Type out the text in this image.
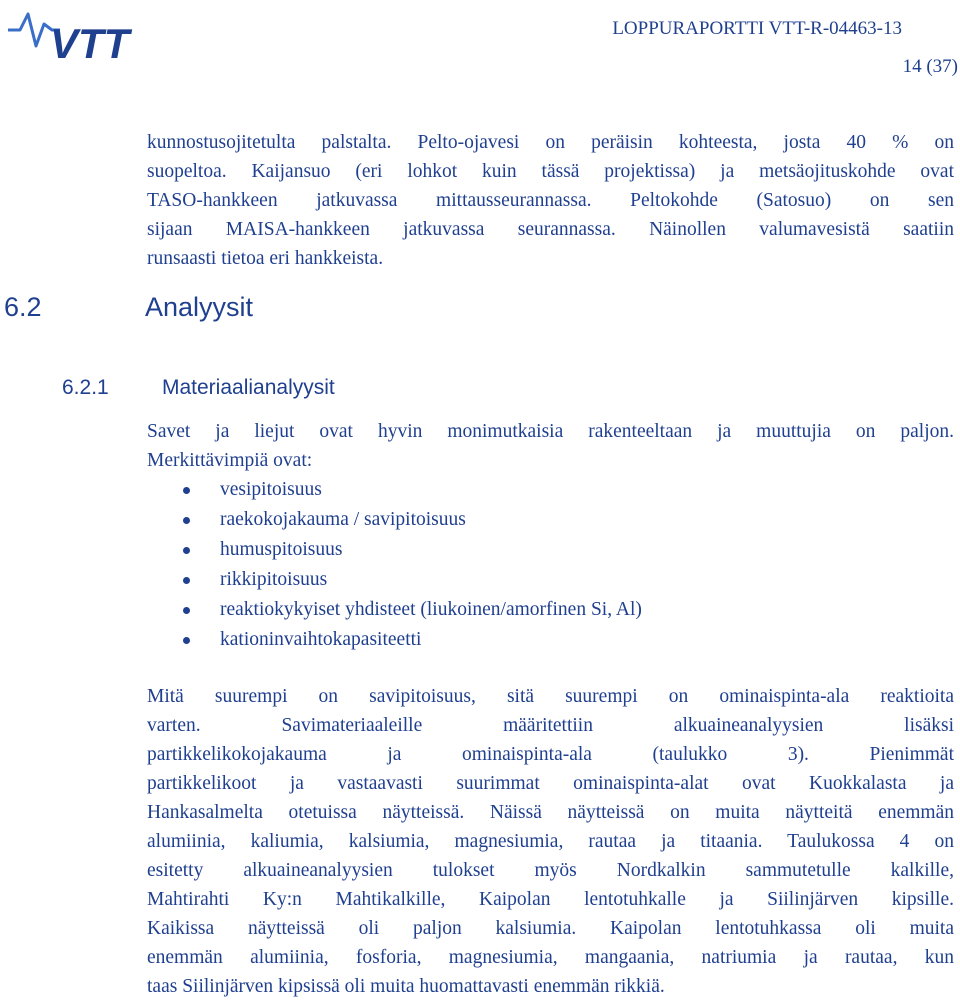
VTT	LOPPURAPORTTI VTT-R-04463-13
14 (37)
kunnostusojitetulta palstalta. Pelto-ojavesi on peräisin kohteesta, josta 40 % on
suopeltoa. Kaijansuo (eri lohkot kuin tässä projektissa) ja metsäojituskohde ovat
TASO-hankkeen jatkuvassa mittausseurannassa. Peltokohde (Satosuo) on sen
sijaan MAISA-hankkeen jatkuvassa seurannassa. Näinollen valumavesistä saatiin
runsaasti tietoa eri hankkeista.
6.2	Analyysit
6.2.1	Materiaalianalyysit
Savet ja liejut ovat hyvin monimutkaisia rakenteeltaan ja muuttujia on paljon.
Merkittävimpiä ovat:
vesipitoisuus
raekokojakauma / savipitoisuus
humuspitoisuus
rikkipitoisuus
reaktiokykyiset yhdisteet (liukoinen/amorfinen Si, Al)
kationinvaihtokapasiteetti
Mitä suurempi on savipitoisuus, sitä suurempi on ominaispinta-ala reaktioita
varten. Savimateriaaleille määritettiin alkuaineanalyysien lisäksi
partikkelikokojakauma ja ominaispinta-ala (taulukko 3). Pienimmät
partikkelikoot ja vastaavasti suurimmat ominaispinta-alat ovat Kuokkalasta ja
Hankasalmelta otetuissa näytteissä. Näissä näytteissä on muita näytteitä enemmän
alumiinia, kaliumia, kalsiumia, magnesiumia, rautaa ja titaania. Taulukossa 4 on
esitetty alkuaineanalyysien tulokset myös Nordkalkin sammutetulle kalkille,
Mahtirahti Ky:n Mahtikalkille, Kaipolan lentotuhkalle ja Siilinjärven kipsille.
Kaikissa näytteissä oli paljon kalsiumia. Kaipolan lentotuhkassa oli muita
enemmän alumiinia, fosforia, magnesiumia, mangaania, natriumia ja rautaa, kun
taas Siilinjärven kipsissä oli muita huomattavasti enemmän rikkiä.
